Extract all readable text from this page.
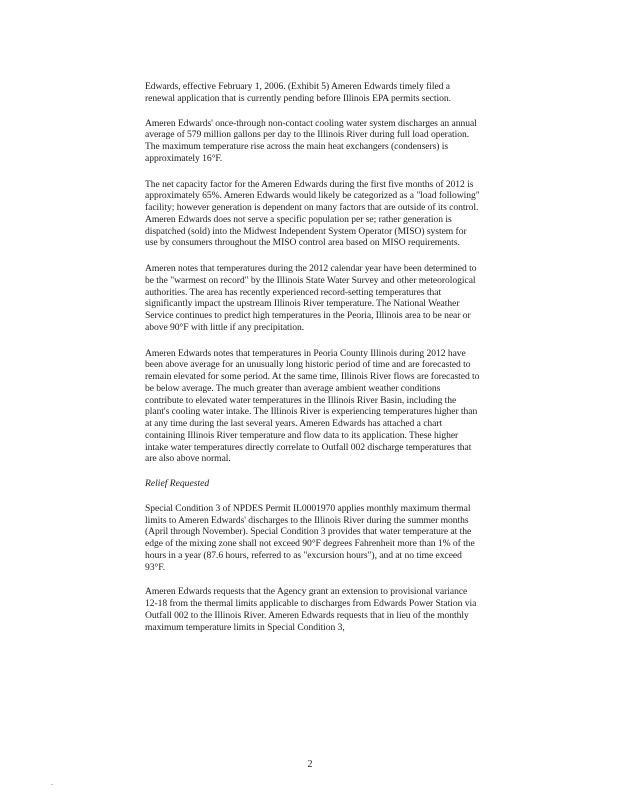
Edwards, effective February 1, 2006. (Exhibit 5) Ameren Edwards timely filed a renewal application that is currently pending before Illinois EPA permits section.

Ameren Edwards' once-through non-contact cooling water system discharges an annual average of 579 million gallons per day to the Illinois River during full load operation. The maximum temperature rise across the main heat exchangers (condensers) is approximately 16°F.

The net capacity factor for the Ameren Edwards during the first five months of 2012 is approximately 65%. Ameren Edwards would likely be categorized as a "load following" facility; however generation is dependent on many factors that are outside of its control. Ameren Edwards does not serve a specific population per se; rather generation is dispatched (sold) into the Midwest Independent System Operator (MISO) system for use by consumers throughout the MISO control area based on MISO requirements.

Ameren notes that temperatures during the 2012 calendar year have been determined to be the "warmest on record" by the Illinois State Water Survey and other meteorological authorities. The area has recently experienced record-setting temperatures that significantly impact the upstream Illinois River temperature. The National Weather Service continues to predict high temperatures in the Peoria, Illinois area to be near or above 90°F with little if any precipitation.

Ameren Edwards notes that temperatures in Peoria County Illinois during 2012 have been above average for an unusually long historic period of time and are forecasted to remain elevated for some period. At the same time, Illinois River flows are forecasted to be below average. The much greater than average ambient weather conditions contribute to elevated water temperatures in the Illinois River Basin, including the plant's cooling water intake. The Illinois River is experiencing temperatures higher than at any time during the last several years. Ameren Edwards has attached a chart containing Illinois River temperature and flow data to its application. These higher intake water temperatures directly correlate to Outfall 002 discharge temperatures that are also above normal.

Relief Requested

Special Condition 3 of NPDES Permit IL0001970 applies monthly maximum thermal limits to Ameren Edwards' discharges to the Illinois River during the summer months (April through November). Special Condition 3 provides that water temperature at the edge of the mixing zone shall not exceed 90°F degrees Fahrenheit more than 1% of the hours in a year (87.6 hours, referred to as "excursion hours"), and at no time exceed 93°F.

Ameren Edwards requests that the Agency grant an extension to provisional variance 12-18 from the thermal limits applicable to discharges from Edwards Power Station via Outfall 002 to the Illinois River. Ameren Edwards requests that in lieu of the monthly maximum temperature limits in Special Condition 3,

.
2
